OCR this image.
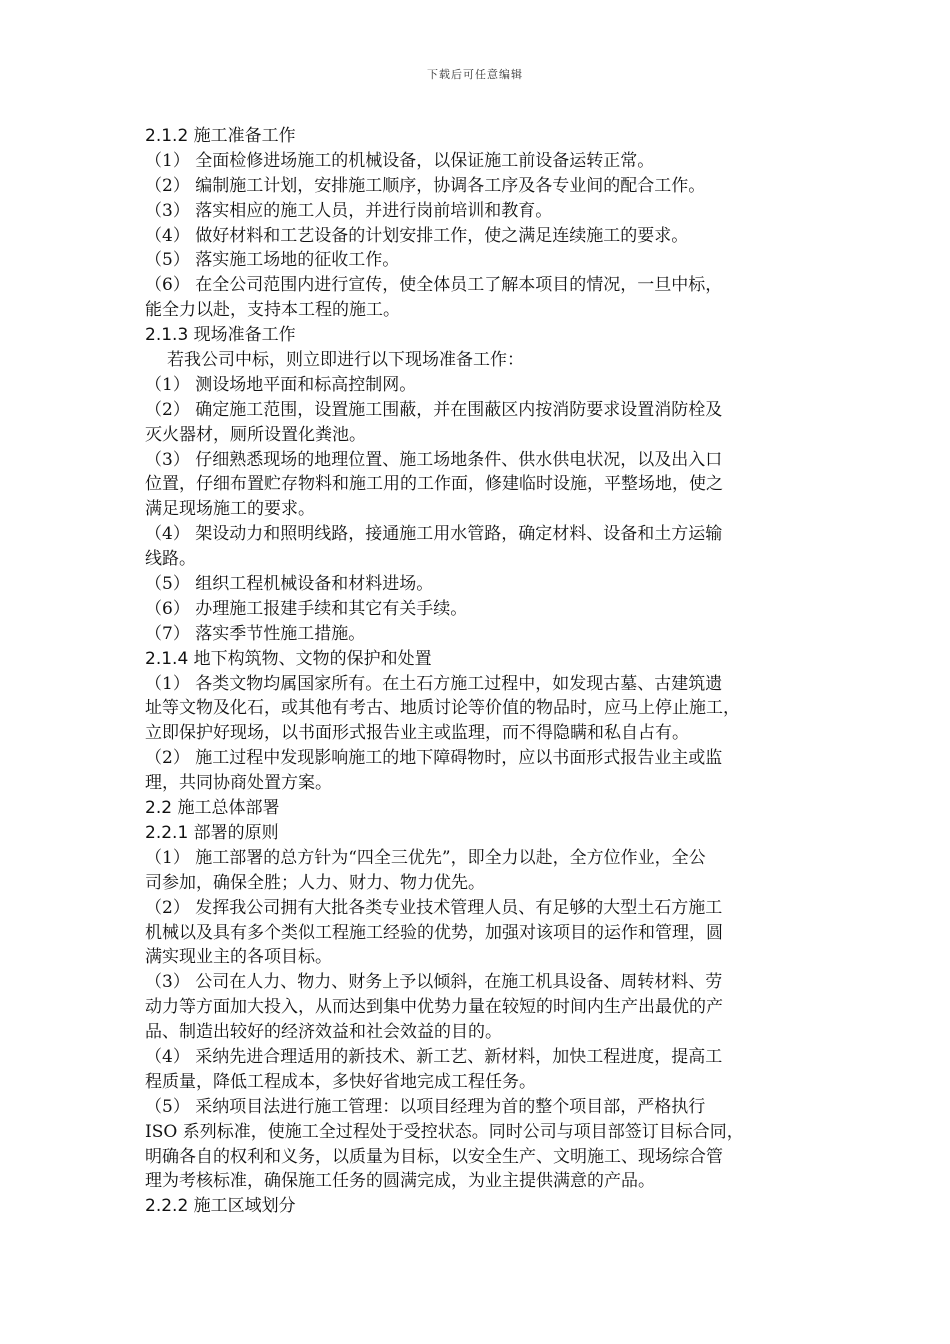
下载后可任意编辑
2.1.2 施工准备工作
（1） 全面检修进场施工的机械设备，以保证施工前设备运转正常。
（2） 编制施工计划，安排施工顺序，协调各工序及各专业间的配合工作。
（3） 落实相应的施工人员，并进行岗前培训和教育。
（4） 做好材料和工艺设备的计划安排工作，使之满足连续施工的要求。
（5） 落实施工场地的征收工作。
（6） 在全公司范围内进行宣传，使全体员工了解本项目的情况，一旦中标，
能全力以赴，支持本工程的施工。
2.1.3 现场准备工作
若我公司中标，则立即进行以下现场准备工作：
（1） 测设场地平面和标高控制网。
（2） 确定施工范围，设置施工围蔽，并在围蔽区内按消防要求设置消防栓及
灭火器材，厕所设置化粪池。
（3） 仔细熟悉现场的地理位置、施工场地条件、供水供电状况，以及出入口
位置，仔细布置贮存物料和施工用的工作面，修建临时设施，平整场地，使之
满足现场施工的要求。
（4） 架设动力和照明线路，接通施工用水管路，确定材料、设备和土方运输
线路。
（5） 组织工程机械设备和材料进场。
（6） 办理施工报建手续和其它有关手续。
（7） 落实季节性施工措施。
2.1.4 地下构筑物、文物的保护和处置
（1） 各类文物均属国家所有。在土石方施工过程中，如发现古墓、古建筑遗
址等文物及化石，或其他有考古、地质讨论等价值的物品时，应马上停止施工，
立即保护好现场，以书面形式报告业主或监理，而不得隐瞒和私自占有。
（2） 施工过程中发现影响施工的地下障碍物时，应以书面形式报告业主或监
理，共同协商处置方案。
2.2 施工总体部署
2.2.1 部署的原则
（1） 施工部署的总方针为“四全三优先”，即全力以赴，全方位作业，全公
司参加，确保全胜；人力、财力、物力优先。
（2） 发挥我公司拥有大批各类专业技术管理人员、有足够的大型土石方施工
机械以及具有多个类似工程施工经验的优势，加强对该项目的运作和管理，圆
满实现业主的各项目标。
（3） 公司在人力、物力、财务上予以倾斜，在施工机具设备、周转材料、劳
动力等方面加大投入，从而达到集中优势力量在较短的时间内生产出最优的产
品、制造出较好的经济效益和社会效益的目的。
（4） 采纳先进合理适用的新技术、新工艺、新材料，加快工程进度，提高工
程质量，降低工程成本，多快好省地完成工程任务。
（5） 采纳项目法进行施工管理：以项目经理为首的整个项目部，严格执行
ISO 系列标准，使施工全过程处于受控状态。同时公司与项目部签订目标合同，
明确各自的权利和义务，以质量为目标，以安全生产、文明施工、现场综合管
理为考核标准，确保施工任务的圆满完成，为业主提供满意的产品。
2.2.2 施工区域划分
